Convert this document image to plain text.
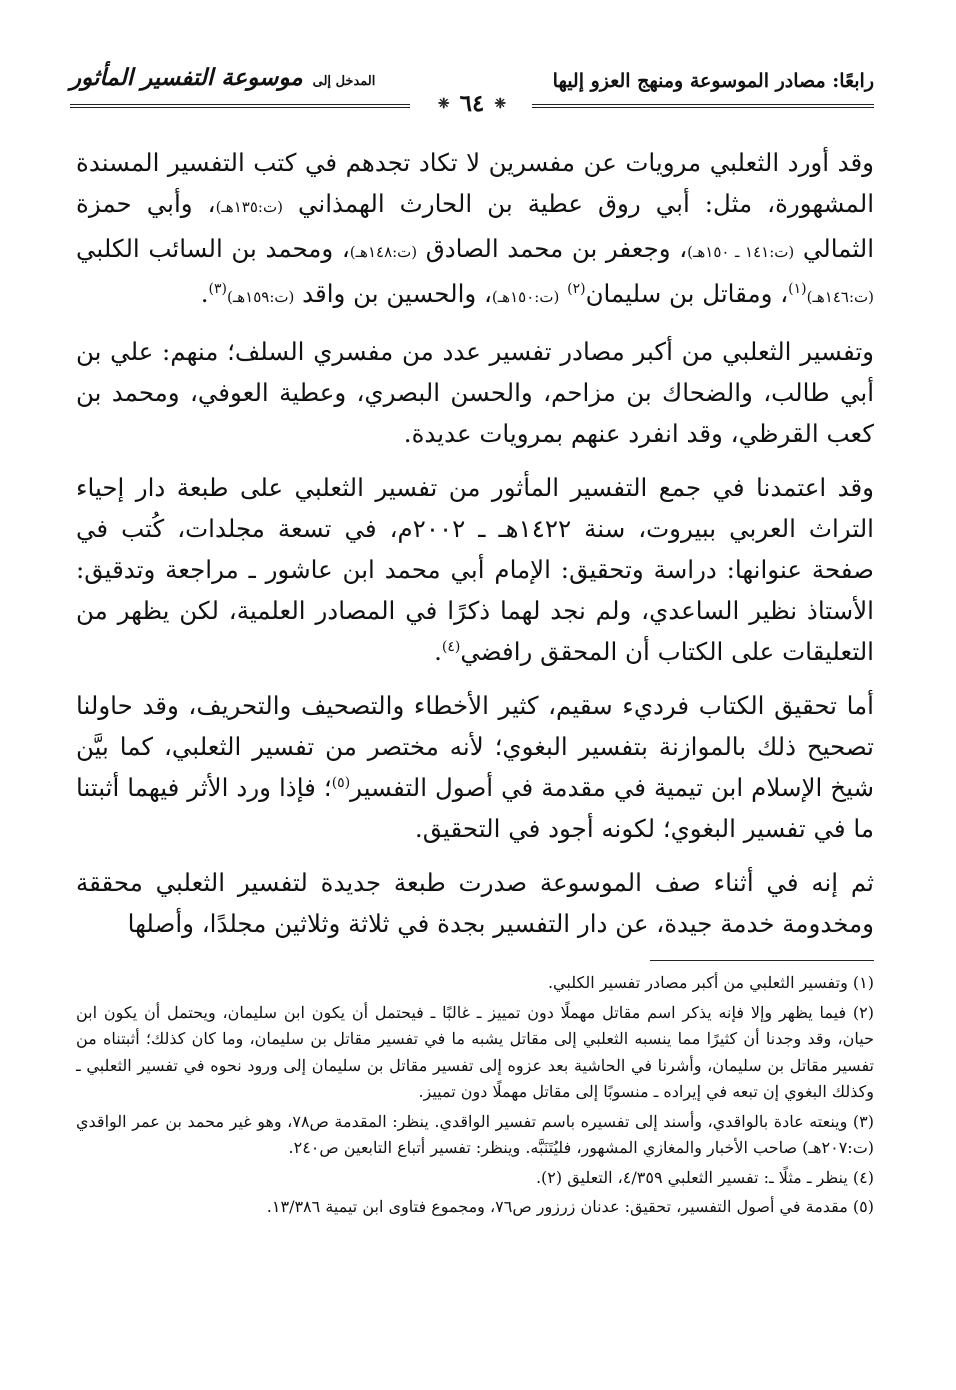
رابعًا: مصادر الموسوعة ومنهج العزو إليها
المدخل إلى
موسوعة التفسير المأثور
❈
٦٤
❈

وقد أورد الثعلبي مرويات عن مفسرين لا تكاد تجدهم في كتب التفسير المسندة المشهورة، مثل: أبي روق عطية بن الحارث الهمذاني (ت:١٣٥هـ)، وأبي حمزة الثمالي (ت:١٤١ ـ ١٥٠هـ)، وجعفر بن محمد الصادق (ت:١٤٨هـ)، ومحمد بن السائب الكلبي (ت:١٤٦هـ)$^{(١)}$، ومقاتل بن سليمان$^{(٢)}$ (ت:١٥٠هـ)، والحسين بن واقد (ت:١٥٩هـ)$^{(٣)}$.

وتفسير الثعلبي من أكبر مصادر تفسير عدد من مفسري السلف؛ منهم: علي بن أبي طالب، والضحاك بن مزاحم، والحسن البصري، وعطية العوفي، ومحمد بن كعب القرظي، وقد انفرد عنهم بمرويات عديدة.

وقد اعتمدنا في جمع التفسير المأثور من تفسير الثعلبي على طبعة دار إحياء التراث العربي ببيروت، سنة ١٤٢٢هـ ـ ٢٠٠٢م، في تسعة مجلدات، كُتب في صفحة عنوانها: دراسة وتحقيق: الإمام أبي محمد ابن عاشور ـ مراجعة وتدقيق: الأستاذ نظير الساعدي، ولم نجد لهما ذكرًا في المصادر العلمية، لكن يظهر من التعليقات على الكتاب أن المحقق رافضي$^{(٤)}$.

أما تحقيق الكتاب فرديء سقيم، كثير الأخطاء والتصحيف والتحريف، وقد حاولنا تصحيح ذلك بالموازنة بتفسير البغوي؛ لأنه مختصر من تفسير الثعلبي، كما بيَّن شيخ الإسلام ابن تيمية في مقدمة في أصول التفسير$^{(٥)}$؛ فإذا ورد الأثر فيهما أثبتنا ما في تفسير البغوي؛ لكونه أجود في التحقيق.

ثم إنه في أثناء صف الموسوعة صدرت طبعة جديدة لتفسير الثعلبي محققة ومخدومة خدمة جيدة، عن دار التفسير بجدة في ثلاثة وثلاثين مجلدًا، وأصلها

(١) وتفسير الثعلبي من أكبر مصادر تفسير الكلبي.

(٢) فيما يظهر وإلا فإنه يذكر اسم مقاتل مهملًا دون تمييز ـ غالبًا ـ فيحتمل أن يكون ابن سليمان، ويحتمل أن يكون ابن حيان، وقد وجدنا أن كثيرًا مما ينسبه الثعلبي إلى مقاتل يشبه ما في تفسير مقاتل بن سليمان، وما كان كذلك؛ أثبتناه من تفسير مقاتل بن سليمان، وأشرنا في الحاشية بعد عزوه إلى تفسير مقاتل بن سليمان إلى ورود نحوه في تفسير الثعلبي ـ وكذلك البغوي إن تبعه في إيراده ـ منسوبًا إلى مقاتل مهملًا دون تمييز.

(٣) وينعته عادة بالواقدي، وأسند إلى تفسيره باسم تفسير الواقدي. ينظر: المقدمة ص٧٨، وهو غير محمد بن عمر الواقدي (ت:٢٠٧هـ) صاحب الأخبار والمغازي المشهور، فليُتَنَبَّه. وينظر: تفسير أتباع التابعين ص٢٤٠.

(٤) ينظر ـ مثلًا ـ: تفسير الثعلبي ٤/٣٥٩، التعليق (٢).

(٥) مقدمة في أصول التفسير، تحقيق: عدنان زرزور ص٧٦، ومجموع فتاوى ابن تيمية ١٣/٣٨٦.
